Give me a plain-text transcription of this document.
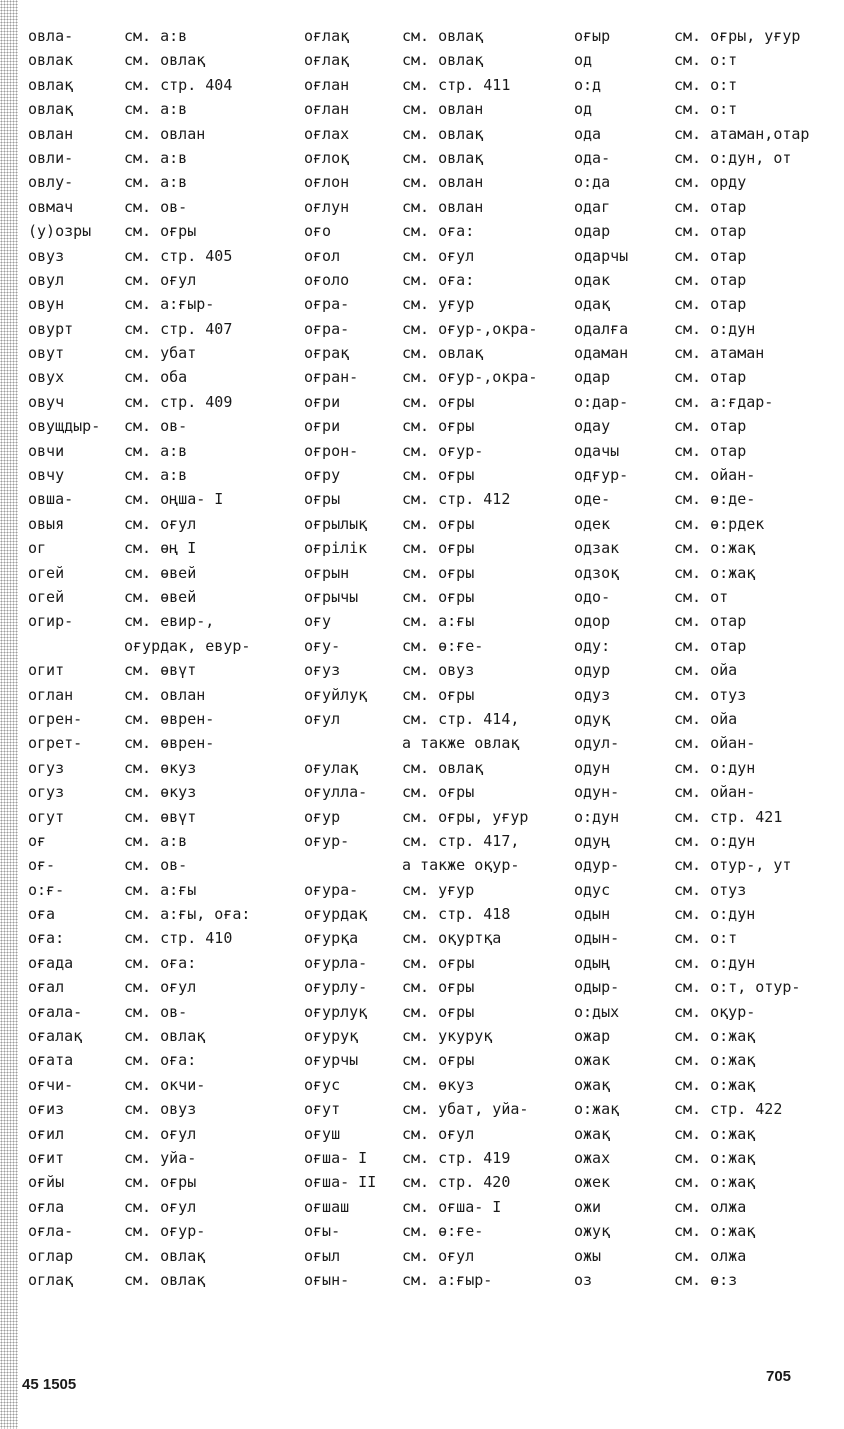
овла-	см. а:в
овлак	см. овлақ
овлақ	см. стр. 404
овлақ	см. а:в
овлан	см. овлан
овли-	см. а:в
овлу-	см. а:в
овмач	см. ов-
(у)озры	см. оғры
овуз	см. стр. 405
овул	см. оғул
овун	см. а:ғыр-
овурт	см. стр. 407
овут	см. убат
овух	см. оба
овуч	см. стр. 409
овущдыр-	см. ов-
овчи	см. а:в
овчу	см. а:в
овша-	см. оңша- I
овыя	см. оғул
ог	см. өң I
огей	см. өвей
огей	см. өвей
огир-	см. евир-,
оғурдак, евур-
огит	см. өвүт
оглан	см. овлан
огрен-	см. өврен-
огрет-	см. өврен-
огуз	см. өкуз
огуз	см. өкуз
огут	см. өвүт
оғ	см. а:в
оғ-	см. ов-
о:ғ-	см. а:ғы
оға	см. а:ғы, оға:
оға:	см. стр. 410
оғада	см. оға:
оғал	см. оғул
оғала-	см. ов-
оғалақ	см. овлақ
оғата	см. оға:
оғчи-	см. окчи-
оғиз	см. овуз
оғил	см. оғул
оғит	см. уйа-
оғйы	см. оғры
оғла	см. оғул
оғла-	см. оғур-
оглар	см. овлақ
оглақ	см. овлақ
оғлақ	см. овлақ
оғлақ	см. овлақ
оғлан	см. стр. 411
оғлан	см. овлан
оғлах	см. овлақ
оғлоқ	см. овлақ
оғлон	см. овлан
оғлун	см. овлан
оғо	см. оға:
оғол	см. оғул
оғоло	см. оға:
оғра-	см. уғур
оғра-	см. оғур-,окра-
оғрақ	см. овлақ
оғран-	см. оғур-,окра-
оғри	см. оғры
оғри	см. оғры
оғрон-	см. оғур-
оғру	см. оғры
оғры	см. стр. 412
оғрылық	см. оғры
оғрілік	см. оғры
оғрын	см. оғры
оғрычы	см. оғры
оғу	см. а:ғы
оғу-	см. ө:ғе-
оғуз	см. овуз
оғуйлуқ	см. оғры
оғул	см. стр. 414,
а также овлақ
оғулақ	см. овлақ
оғулла-	см. оғры
оғур	см. оғры, уғур
оғур-	см. стр. 417,
а также оқур-
оғура-	см. уғур
оғурдақ	см. стр. 418
оғурқа	см. оқуртқа
оғурла-	см. оғры
оғурлу-	см. оғры
оғурлуқ	см. оғры
оғуруқ	см. укуруқ
оғурчы	см. оғры
оғус	см. өкуз
оғут	см. убат, уйа-
оғуш	см. оғул
оғша- I	см. стр. 419
оғша- II	см. стр. 420
оғшаш	см. оғша- I
оғы-	см. ө:ғе-
оғыл	см. оғул
оғын-	см. а:ғыр-
оғыр	см. оғры, уғур
од	см. о:т
о:д	см. о:т
од	см. о:т
ода	см. атаман,отар
ода-	см. о:дун, от
о:да	см. орду
одаг	см. отар
одар	см. отар
одарчы	см. отар
одак	см. отар
одақ	см. отар
одалға	см. о:дун
одаман	см. атаман
одар	см. отар
о:дар-	см. а:ғдар-
одау	см. отар
одачы	см. отар
одғур-	см. ойан-
оде-	см. ө:де-
одек	см. ө:рдек
одзак	см. о:жақ
одзоқ	см. о:жақ
одо-	см. от
одор	см. отар
оду:	см. отар
одур	см. ойа
одуз	см. отуз
одуқ	см. ойа
одул-	см. ойан-
одун	см. о:дун
одун-	см. ойан-
о:дун	см. стр. 421
одуң	см. о:дун
одур-	см. отур-, ут
одус	см. отуз
одын	см. о:дун
одын-	см. о:т
одың	см. о:дун
одыр-	см. о:т, отур-
о:дых	см. оқур-
ожар	см. о:жақ
ожак	см. о:жақ
ожақ	см. о:жақ
о:жақ	см. стр. 422
ожақ	см. о:жақ
ожах	см. о:жақ
ожек	см. о:жақ
ожи	см. олжа
ожуқ	см. о:жақ
ожы	см. олжа
оз	см. ө:з
45 1505	705
